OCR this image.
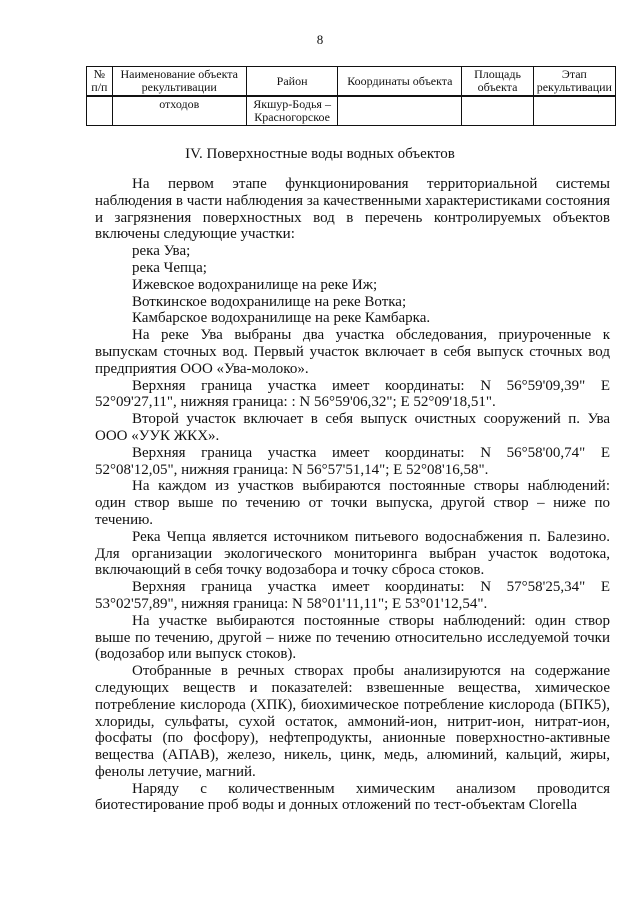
8
№ п/п	Наименование объекта рекультивации	Район	Координаты объекта	Площадь объекта	Этап рекультивации
	отходов	Якшур-Бодья – Красногорское			
IV. Поверхностные воды водных объектов

На первом этапе функционирования территориальной системы наблюдения в части наблюдения за качественными характеристиками состояния и загрязнения поверхностных вод в перечень контролируемых объектов включены следующие участки:

река Ува;

река Чепца;

Ижевское водохранилище на реке Иж;

Воткинское водохранилище на реке Вотка;

Камбарское водохранилище на реке Камбарка.

На реке Ува выбраны два участка обследования, приуроченные к выпускам сточных вод. Первый участок включает в себя выпуск сточных вод предприятия ООО «Ува-молоко».

Верхняя граница участка имеет координаты: N 56°59'09,39" E 52°09'27,11", нижняя граница: : N 56°59'06,32"; E 52°09'18,51".

Второй участок включает в себя выпуск очистных сооружений п. Ува ООО «УУК ЖКХ».

Верхняя граница участка имеет координаты: N 56°58'00,74" E 52°08'12,05", нижняя граница: N 56°57'51,14"; E 52°08'16,58".

На каждом из участков выбираются постоянные створы наблюдений: один створ выше по течению от точки выпуска, другой створ – ниже по течению.

Река Чепца является источником питьевого водоснабжения п. Балезино. Для организации экологического мониторинга выбран участок водотока, включающий в себя точку водозабора и точку сброса стоков.

Верхняя граница участка имеет координаты: N 57°58'25,34" E 53°02'57,89", нижняя граница: N 58°01'11,11"; E 53°01'12,54".

На участке выбираются постоянные створы наблюдений: один створ выше по течению, другой – ниже по течению относительно исследуемой точки (водозабор или выпуск стоков).

Отобранные в речных створах пробы анализируются на содержание следующих веществ и показателей: взвешенные вещества, химическое потребление кислорода (ХПК), биохимическое потребление кислорода (БПК5), хлориды, сульфаты, сухой остаток, аммоний-ион, нитрит-ион, нитрат-ион, фосфаты (по фосфору), нефтепродукты, анионные поверхностно-активные вещества (АПАВ), железо, никель, цинк, медь, алюминий, кальций, жиры, фенолы летучие, магний.

Наряду с количественным химическим анализом проводится биотестирование проб воды и донных отложений по тест-объектам Clorella
